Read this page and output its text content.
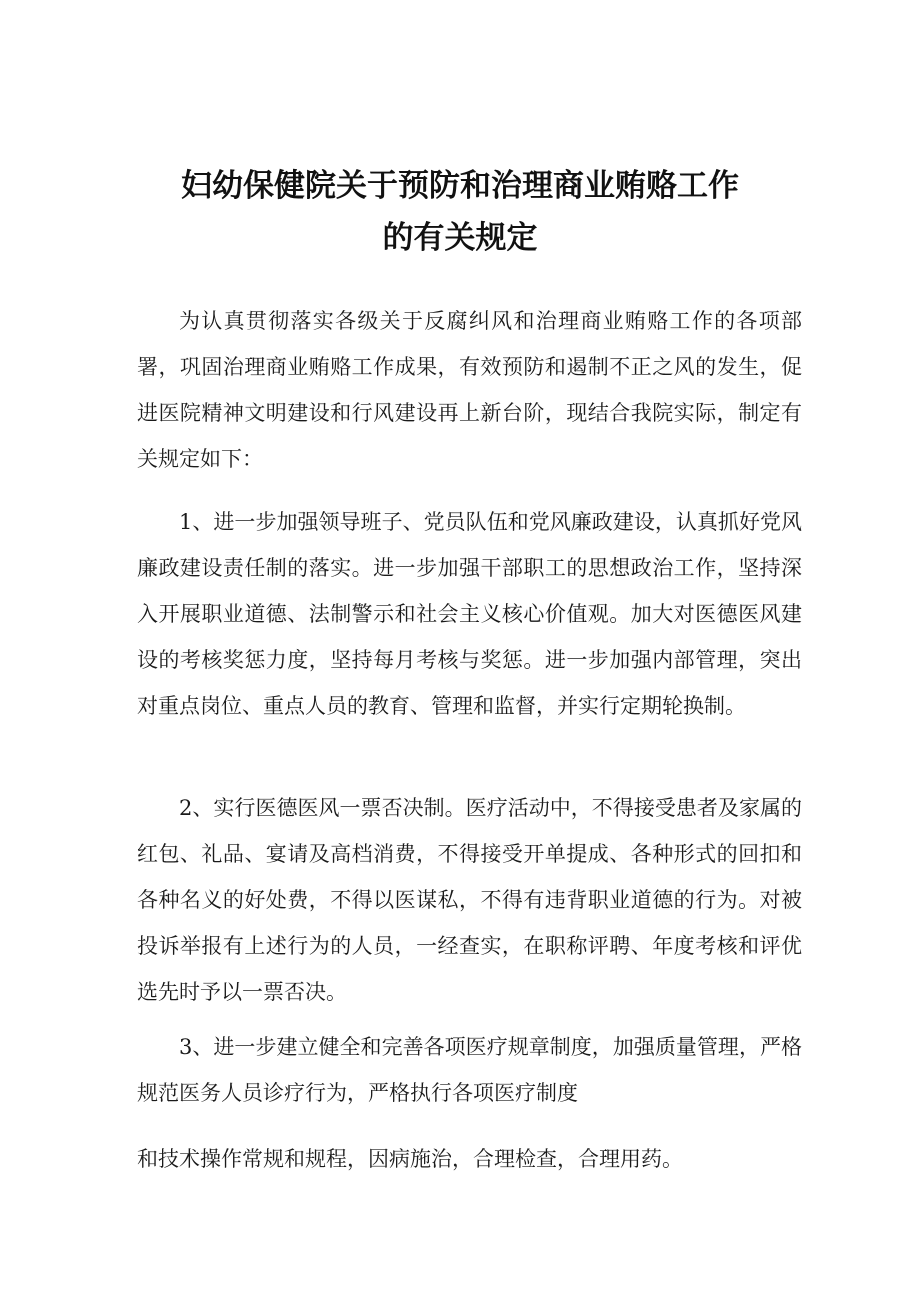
妇幼保健院关于预防和治理商业贿赂工作
的有关规定

为认真贯彻落实各级关于反腐纠风和治理商业贿赂工作的各项部署，巩固治理商业贿赂工作成果，有效预防和遏制不正之风的发生，促进医院精神文明建设和行风建设再上新台阶，现结合我院实际，制定有关规定如下：

1、进一步加强领导班子、党员队伍和党风廉政建设，认真抓好党风廉政建设责任制的落实。进一步加强干部职工的思想政治工作，坚持深入开展职业道德、法制警示和社会主义核心价值观。加大对医德医风建设的考核奖惩力度，坚持每月考核与奖惩。进一步加强内部管理，突出对重点岗位、重点人员的教育、管理和监督，并实行定期轮换制。

2、实行医德医风一票否决制。医疗活动中，不得接受患者及家属的红包、礼品、宴请及高档消费，不得接受开单提成、各种形式的回扣和各种名义的好处费，不得以医谋私，不得有违背职业道德的行为。对被投诉举报有上述行为的人员，一经查实，在职称评聘、年度考核和评优选先时予以一票否决。

3、进一步建立健全和完善各项医疗规章制度，加强质量管理，严格规范医务人员诊疗行为，严格执行各项医疗制度
和技术操作常规和规程，因病施治，合理检查，合理用药。
